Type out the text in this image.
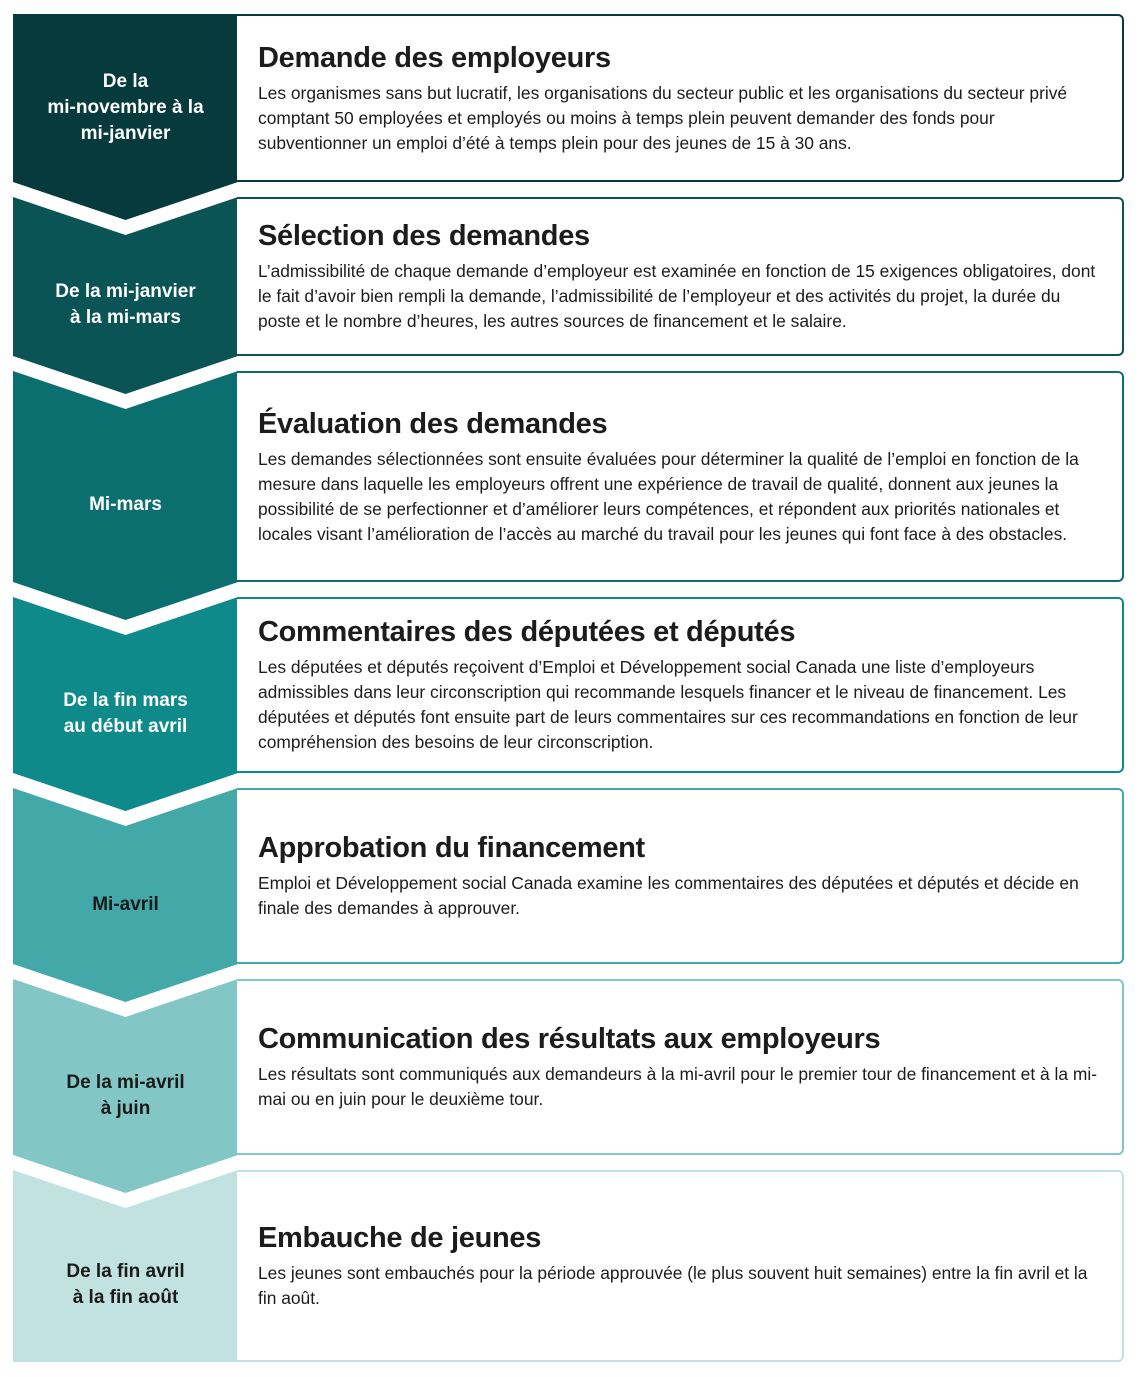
De la
mi-novembre à la
mi-janvier
Demande des employeurs

Les organismes sans but lucratif, les organisations du secteur public et les organisations du secteur privé comptant 50 employées et employés ou moins à temps plein peuvent demander des fonds pour subventionner un emploi d’été à temps plein pour des jeunes de 15 à 30 ans.

De la mi-janvier
à la mi-mars
Sélection des demandes

L’admissibilité de chaque demande d’employeur est examinée en fonction de 15 exigences obligatoires, dont le fait d’avoir bien rempli la demande, l’admissibilité de l’employeur et des activités du projet, la durée du poste et le nombre d’heures, les autres sources de financement et le salaire.

Mi-mars
Évaluation des demandes

Les demandes sélectionnées sont ensuite évaluées pour déterminer la qualité de l’emploi en fonction de la mesure dans laquelle les employeurs offrent une expérience de travail de qualité, donnent aux jeunes la possibilité de se perfectionner et d’améliorer leurs compétences, et répondent aux priorités nationales et locales visant l’amélioration de l’accès au marché du travail pour les jeunes qui font face à des obstacles.

De la fin mars
au début avril
Commentaires des députées et députés

Les députées et députés reçoivent d’Emploi et Développement social Canada une liste d’employeurs admissibles dans leur circonscription qui recommande lesquels financer et le niveau de financement. Les députées et députés font ensuite part de leurs commentaires sur ces recommandations en fonction de leur compréhension des besoins de leur circonscription.

Mi-avril
Approbation du financement

Emploi et Développement social Canada examine les commentaires des députées et députés et décide en finale des demandes à approuver.

De la mi-avril
à juin
Communication des résultats aux employeurs

Les résultats sont communiqués aux demandeurs à la mi-avril pour le premier tour de financement et à la mi-mai ou en juin pour le deuxième tour.

De la fin avril
à la fin août
Embauche de jeunes

Les jeunes sont embauchés pour la période approuvée (le plus souvent huit semaines) entre la fin avril et la fin août.
